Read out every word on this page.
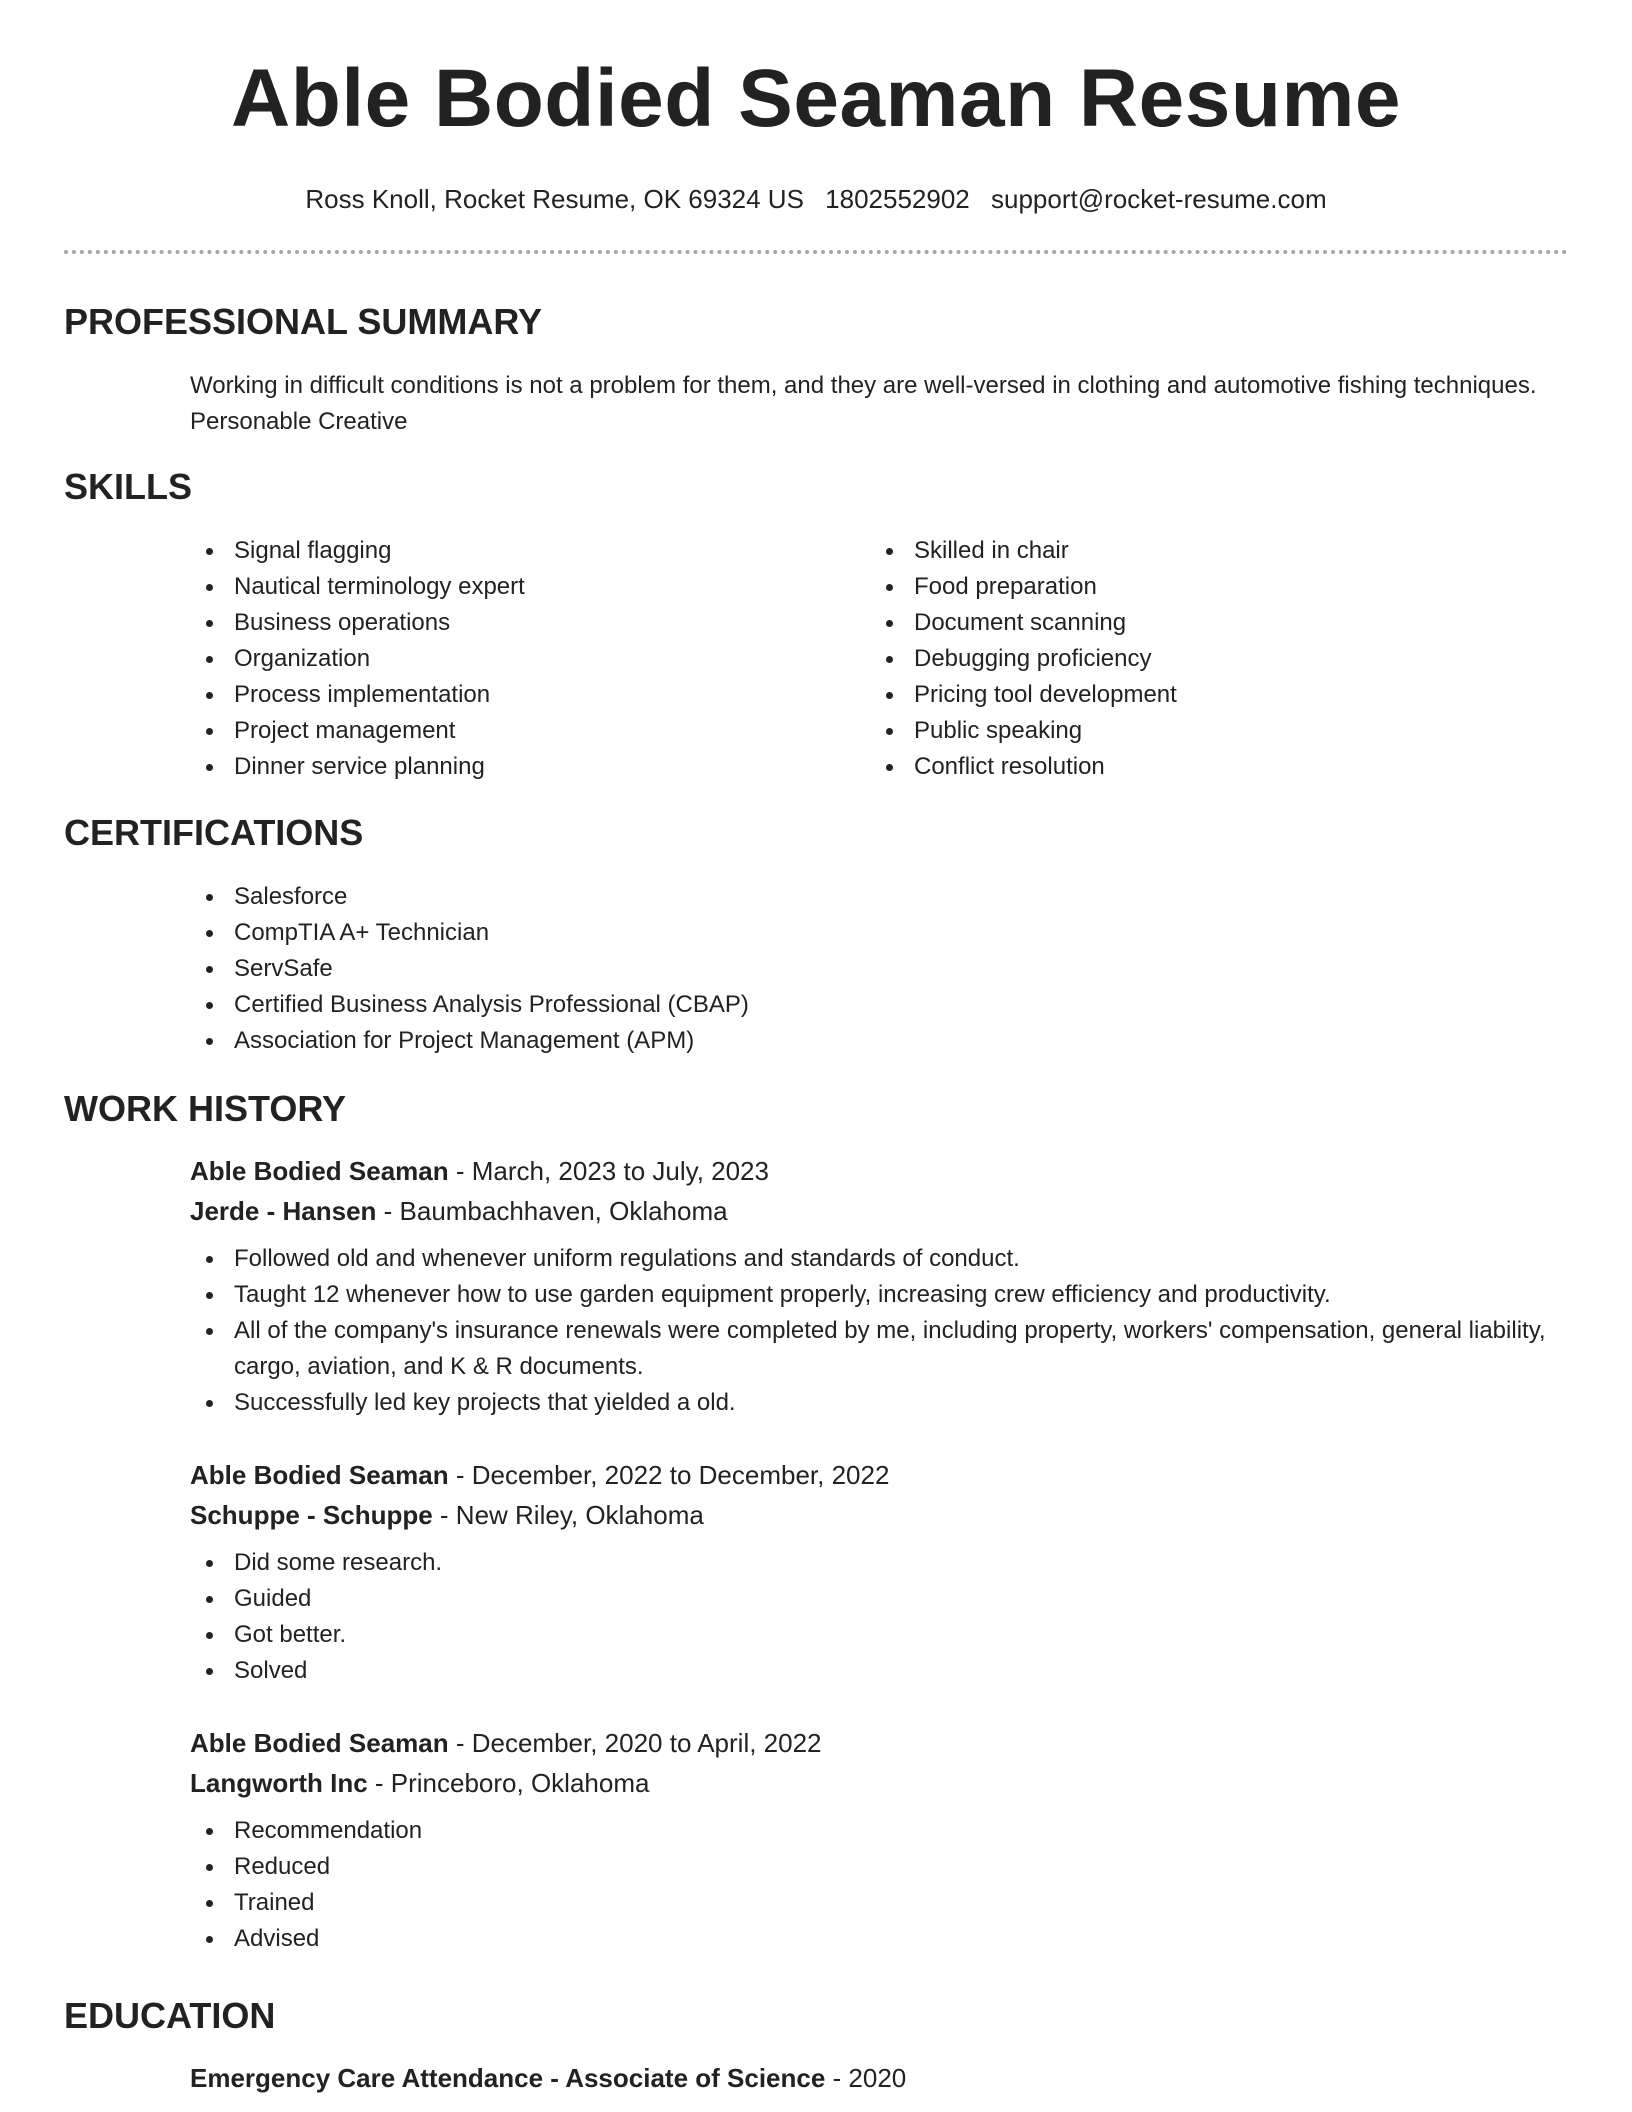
Able Bodied Seaman Resume
Ross Knoll, Rocket Resume, OK 69324 US 1802552902 support@rocket-resume.com
PROFESSIONAL SUMMARY

Working in difficult conditions is not a problem for them, and they are well-versed in clothing and automotive fishing techniques. Personable Creative

SKILLS
Signal flagging
Nautical terminology expert
Business operations
Organization
Process implementation
Project management
Dinner service planning
Skilled in chair
Food preparation
Document scanning
Debugging proficiency
Pricing tool development
Public speaking
Conflict resolution
CERTIFICATIONS
Salesforce
CompTIA A+ Technician
ServSafe
Certified Business Analysis Professional (CBAP)
Association for Project Management (APM)
WORK HISTORY
Able Bodied Seaman - March, 2023 to July, 2023
Jerde - Hansen - Baumbachhaven, Oklahoma
Followed old and whenever uniform regulations and standards of conduct.
Taught 12 whenever how to use garden equipment properly, increasing crew efficiency and productivity.
All of the company's insurance renewals were completed by me, including property, workers' compensation, general liability, cargo, aviation, and K & R documents.
Successfully led key projects that yielded a old.
Able Bodied Seaman - December, 2022 to December, 2022
Schuppe - Schuppe - New Riley, Oklahoma
Did some research.
Guided
Got better.
Solved
Able Bodied Seaman - December, 2020 to April, 2022
Langworth Inc - Princeboro, Oklahoma
Recommendation
Reduced
Trained
Advised
EDUCATION
Emergency Care Attendance - Associate of Science - 2020
